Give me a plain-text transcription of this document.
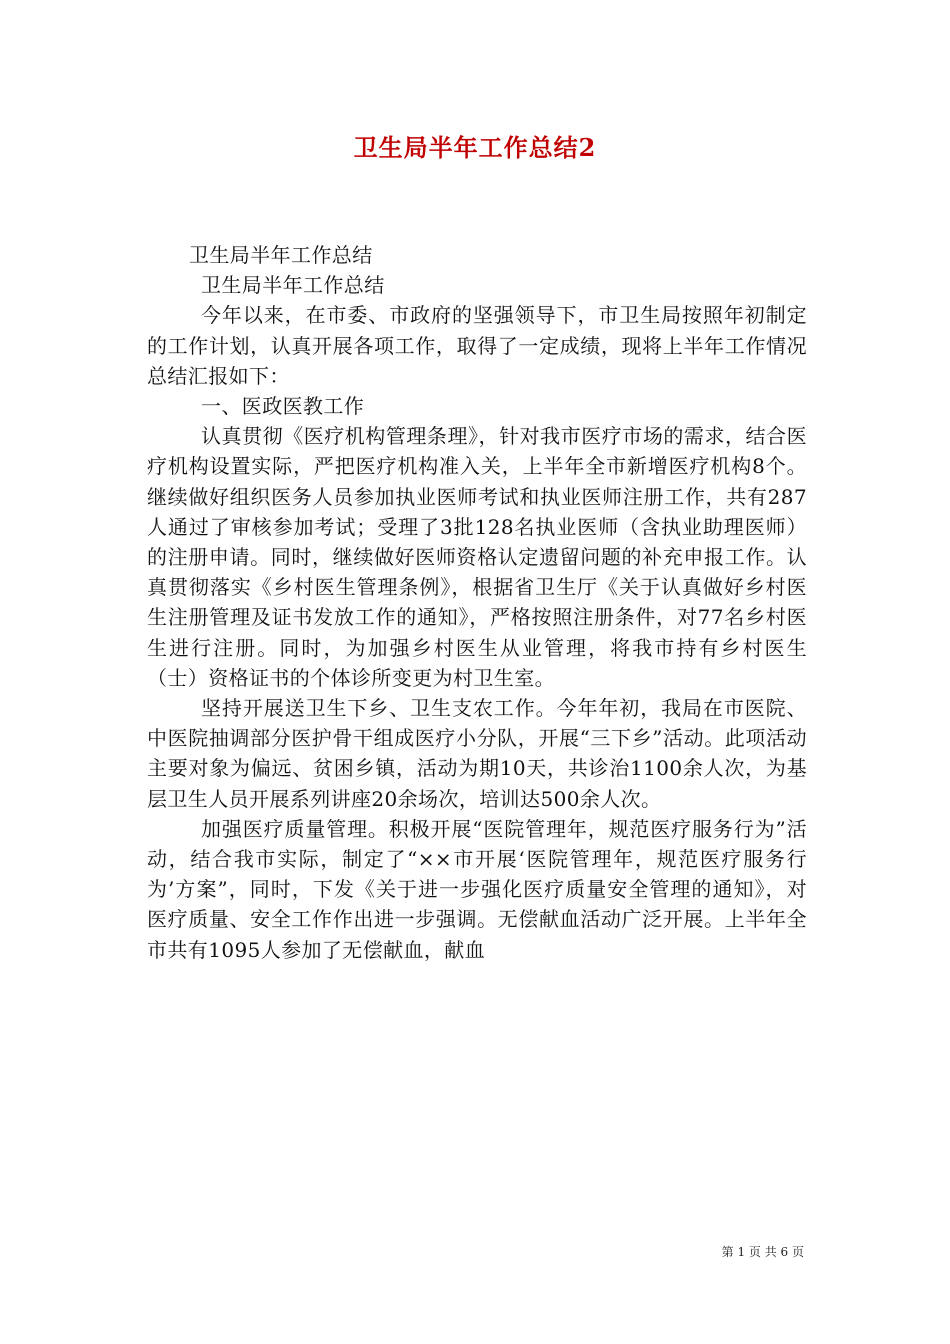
卫生局半年工作总结2

卫生局半年工作总结

卫生局半年工作总结

今年以来，在市委、市政府的坚强领导下，市卫生局按照年初制定的工作计划，认真开展各项工作，取得了一定成绩，现将上半年工作情况总结汇报如下：

一、医政医教工作

认真贯彻《医疗机构管理条理》，针对我市医疗市场的需求，结合医疗机构设置实际，严把医疗机构准入关，上半年全市新增医疗机构8个。继续做好组织医务人员参加执业医师考试和执业医师注册工作，共有287人通过了审核参加考试；受理了3批128名执业医师（含执业助理医师）的注册申请。同时，继续做好医师资格认定遗留问题的补充申报工作。认真贯彻落实《乡村医生管理条例》，根据省卫生厅《关于认真做好乡村医生注册管理及证书发放工作的通知》，严格按照注册条件，对77名乡村医生进行注册。同时，为加强乡村医生从业管理，将我市持有乡村医生（士）资格证书的个体诊所变更为村卫生室。

坚持开展送卫生下乡、卫生支农工作。今年年初，我局在市医院、中医院抽调部分医护骨干组成医疗小分队，开展“三下乡”活动。此项活动主要对象为偏远、贫困乡镇，活动为期10天，共诊治1100余人次，为基层卫生人员开展系列讲座20余场次，培训达500余人次。

加强医疗质量管理。积极开展“医院管理年，规范医疗服务行为”活动，结合我市实际，制定了“××市开展‘医院管理年，规范医疗服务行为’方案”，同时，下发《关于进一步强化医疗质量安全管理的通知》，对医疗质量、安全工作作出进一步强调。无偿献血活动广泛开展。上半年全市共有1095人参加了无偿献血，献血

第 1 页 共 6 页
